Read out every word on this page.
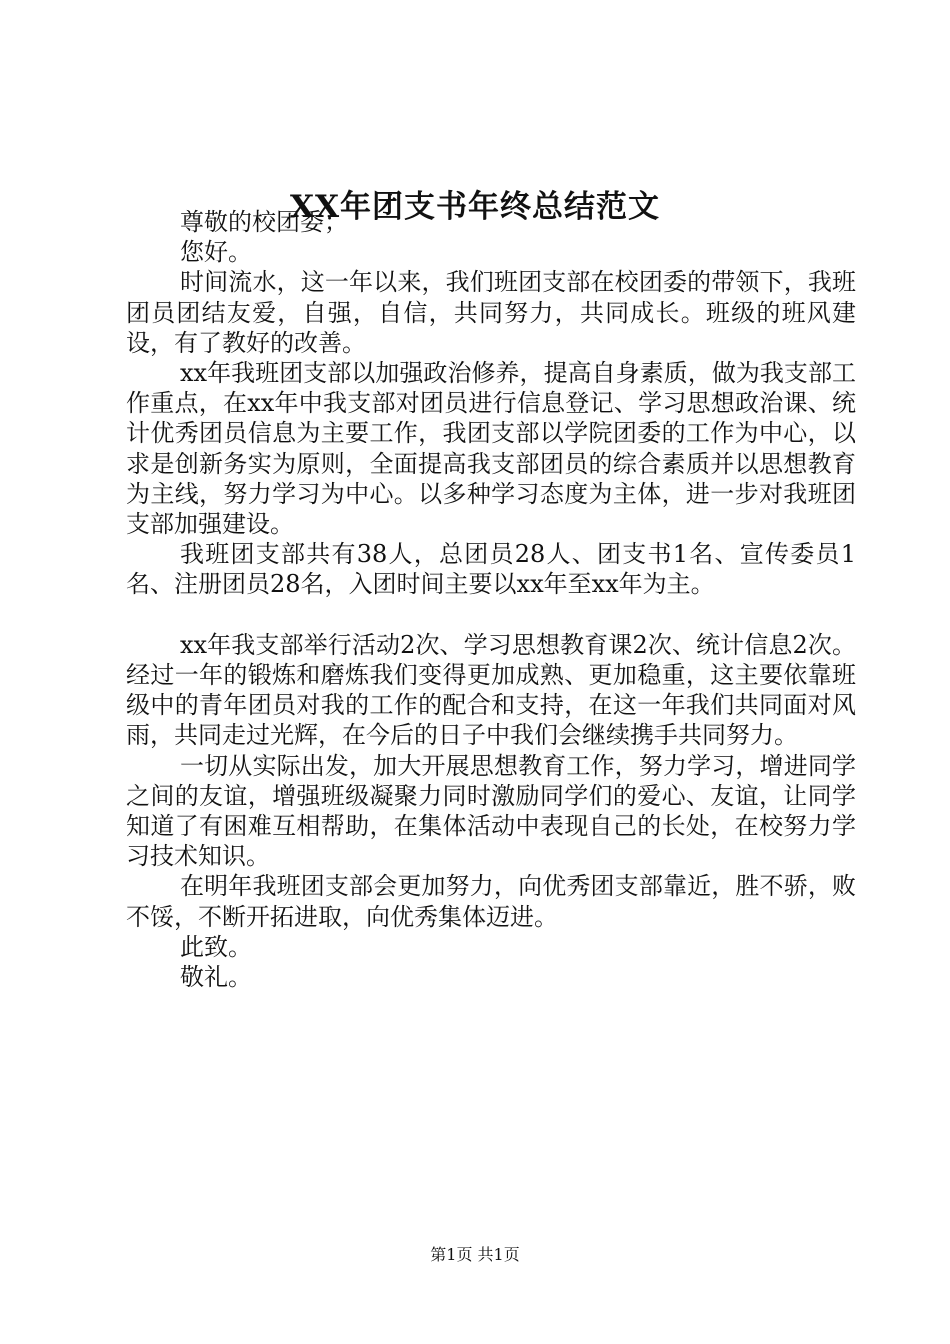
XX年团支书年终总结范文

尊敬的校团委；

您好。

时间流水，这一年以来，我们班团支部在校团委的带领下，我班团员团结友爱，自强，自信，共同努力，共同成长。班级的班风建设，有了教好的改善。

xx年我班团支部以加强政治修养，提高自身素质，做为我支部工作重点，在xx年中我支部对团员进行信息登记、学习思想政治课、统计优秀团员信息为主要工作，我团支部以学院团委的工作为中心，以求是创新务实为原则，全面提高我支部团员的综合素质并以思想教育为主线，努力学习为中心。以多种学习态度为主体，进一步对我班团支部加强建设。

我班团支部共有38人，总团员28人、团支书1名、宣传委员1名、注册团员28名，入团时间主要以xx年至xx年为主。

xx年我支部举行活动2次、学习思想教育课2次、统计信息2次。经过一年的锻炼和磨炼我们变得更加成熟、更加稳重，这主要依靠班级中的青年团员对我的工作的配合和支持，在这一年我们共同面对风雨，共同走过光辉，在今后的日子中我们会继续携手共同努力。

一切从实际出发，加大开展思想教育工作，努力学习，增进同学之间的友谊，增强班级凝聚力同时激励同学们的爱心、友谊，让同学知道了有困难互相帮助，在集体活动中表现自己的长处，在校努力学习技术知识。

在明年我班团支部会更加努力，向优秀团支部靠近，胜不骄，败不馁，不断开拓进取，向优秀集体迈进。

此致。

敬礼。

第1页 共1页
